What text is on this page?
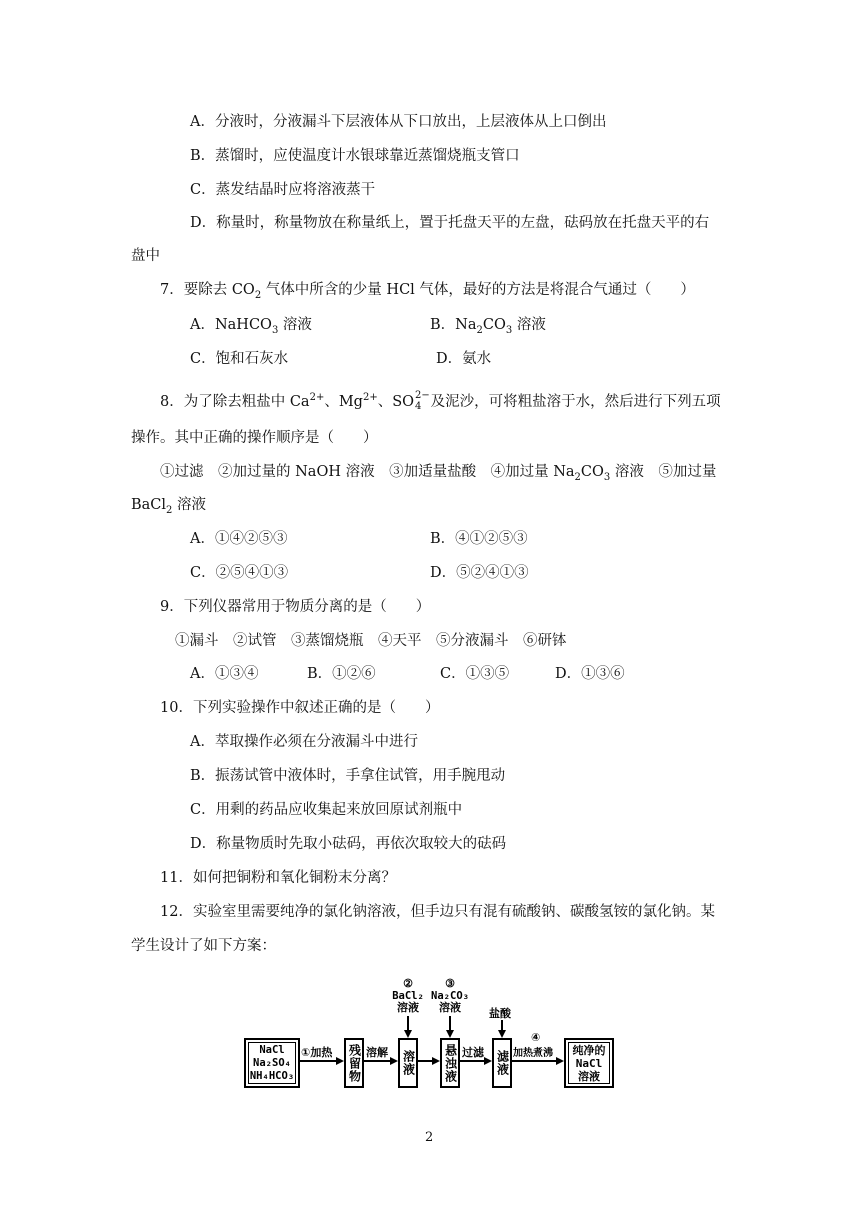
A．分液时，分液漏斗下层液体从下口放出，上层液体从上口倒出
B．蒸馏时，应使温度计水银球靠近蒸馏烧瓶支管口
C．蒸发结晶时应将溶液蒸干
D．称量时，称量物放在称量纸上，置于托盘天平的左盘，砝码放在托盘天平的右
盘中
7．要除去 $CO_2$ 气体中所含的少量 HCl 气体，最好的方法是将混合气通过（　　）
A．NaHCO$_3$ 溶液	B．$Na_2CO_3$ 溶液
C．饱和石灰水	D．氨水
8．为了除去粗盐中 $Ca^{2+}$、$Mg^{2+}$、SO 2−
4 及泥沙，可将粗盐溶于水，然后进行下列五项
操作。其中正确的操作顺序是（　　）
①过滤　②加过量的 NaOH 溶液　③加适量盐酸　④加过量 $Na_2CO_3$ 溶液　⑤加过量
BaCl$_2$ 溶液
A．①④②⑤③	B．④①②⑤③
C．②⑤④①③	D．⑤②④①③
9．下列仪器常用于物质分离的是（　　）
①漏斗　②试管　③蒸馏烧瓶　④天平　⑤分液漏斗　⑥研钵
A．①③④	B．①②⑥	C．①③⑤	D．①③⑥
10．下列实验操作中叙述正确的是（　　）
A．萃取操作必须在分液漏斗中进行
B．振荡试管中液体时，手拿住试管，用手腕甩动
C．用剩的药品应收集起来放回原试剂瓶中
D．称量物质时先取小砝码，再依次取较大的砝码
11．如何把铜粉和氧化铜粉末分离？
12．实验室里需要纯净的氯化钠溶液，但手边只有混有硫酸钠、碳酸氢铵的氯化钠。某
学生设计了如下方案：
NaCl
Na₂SO₄
NH₄HCO₃
①加热 残留物 溶解 溶液
②
BaCl₂
溶液
悬浊液
③
Na₂CO₃
溶液
过滤 滤液
盐酸
④
加热煮沸 纯净的
NaCl
溶液
2
